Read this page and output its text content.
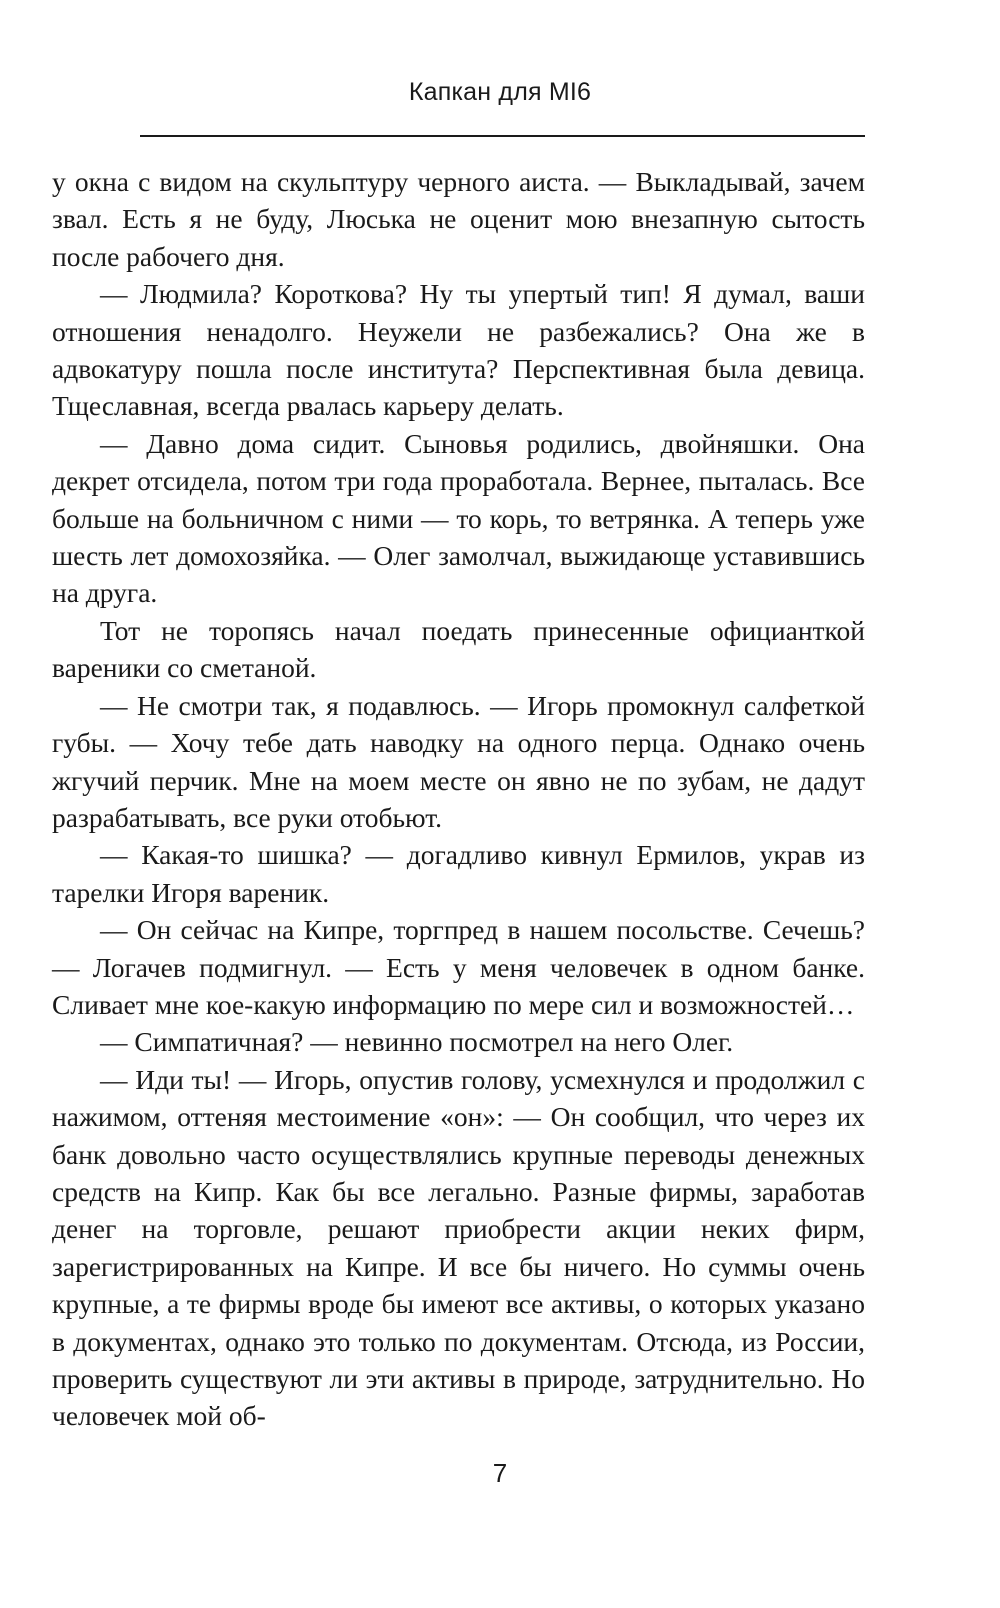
Капкан для МI6

у окна с видом на скульптуру черного аиста. — Выкладывай, зачем звал. Есть я не буду, Люська не оценит мою внезапную сытость после рабочего дня.

— Людмила? Короткова? Ну ты упертый тип! Я думал, ваши отношения ненадолго. Неужели не разбежались? Она же в адвокатуру пошла после института? Перспективная была девица. Тщеславная, всегда рвалась карьеру делать.

— Давно дома сидит. Сыновья родились, двойняшки. Она декрет отсидела, потом три года проработала. Вернее, пыталась. Все больше на больничном с ними — то корь, то ветрянка. А теперь уже шесть лет домохозяйка. — Олег замолчал, выжидающе уставившись на друга.

Тот не торопясь начал поедать принесенные официанткой вареники со сметаной.

— Не смотри так, я подавлюсь. — Игорь промокнул салфеткой губы. — Хочу тебе дать наводку на одного перца. Однако очень жгучий перчик. Мне на моем месте он явно не по зубам, не дадут разрабатывать, все руки отобьют.

— Какая-то шишка? — догадливо кивнул Ермилов, украв из тарелки Игоря вареник.

— Он сейчас на Кипре, торгпред в нашем посольстве. Сечешь? — Логачев подмигнул. — Есть у меня человечек в одном банке. Сливает мне кое-какую информацию по мере сил и возможностей…

— Симпатичная? — невинно посмотрел на него Олег.

— Иди ты! — Игорь, опустив голову, усмехнулся и продолжил с нажимом, оттеняя местоимение «он»: — Он сообщил, что через их банк довольно часто осуществлялись крупные переводы денежных средств на Кипр. Как бы все легально. Разные фирмы, заработав денег на торговле, решают приобрести акции неких фирм, зарегистрированных на Кипре. И все бы ничего. Но суммы очень крупные, а те фирмы вроде бы имеют все активы, о которых указано в документах, однако это только по документам. Отсюда, из России, проверить существуют ли эти активы в природе, затруднительно. Но человечек мой об-

7
